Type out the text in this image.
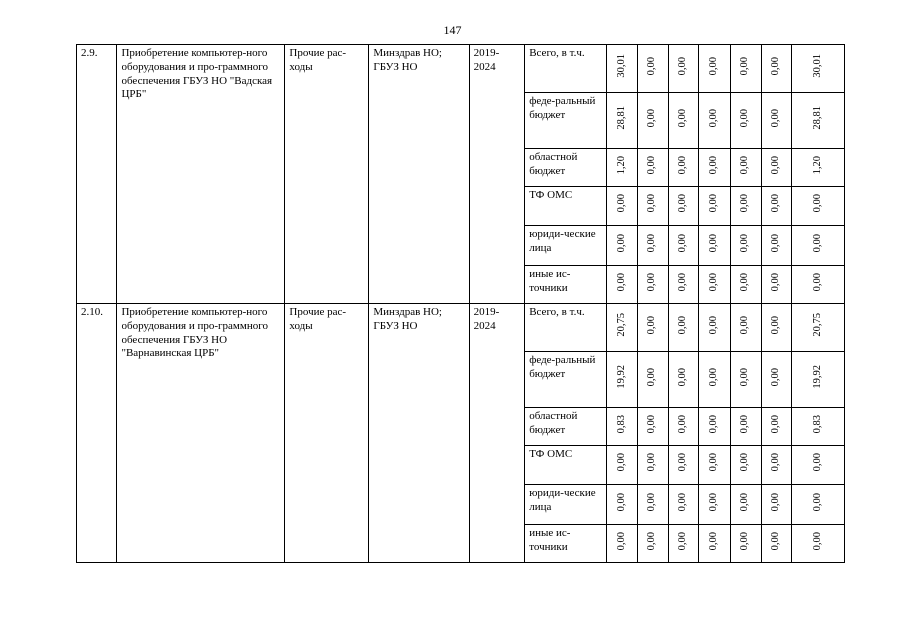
147
2.9.	Приобретение компьютер-ного оборудования и про-граммного обеспечения ГБУЗ НО "Вадская ЦРБ"	Прочие рас-ходы	Минздрав НО; ГБУЗ НО	2019-2024	Всего, в т.ч.	30,01	0,00	0,00	0,00	0,00	0,00	30,01
					феде-ральный бюджет	28,81	0,00	0,00	0,00	0,00	0,00	28,81
					областной бюджет	1,20	0,00	0,00	0,00	0,00	0,00	1,20
					ТФ ОМС	0,00	0,00	0,00	0,00	0,00	0,00	0,00
					юриди-ческие лица	0,00	0,00	0,00	0,00	0,00	0,00	0,00
					иные ис-точники	0,00	0,00	0,00	0,00	0,00	0,00	0,00
2.10.	Приобретение компьютер-ного оборудования и про-граммного обеспечения ГБУЗ НО "Варнавинская ЦРБ"	Прочие рас-ходы	Минздрав НО; ГБУЗ НО	2019-2024	Всего, в т.ч.	20,75	0,00	0,00	0,00	0,00	0,00	20,75
					феде-ральный бюджет	19,92	0,00	0,00	0,00	0,00	0,00	19,92
					областной бюджет	0,83	0,00	0,00	0,00	0,00	0,00	0,83
					ТФ ОМС	0,00	0,00	0,00	0,00	0,00	0,00	0,00
					юриди-ческие лица	0,00	0,00	0,00	0,00	0,00	0,00	0,00
					иные ис-точники	0,00	0,00	0,00	0,00	0,00	0,00	0,00
